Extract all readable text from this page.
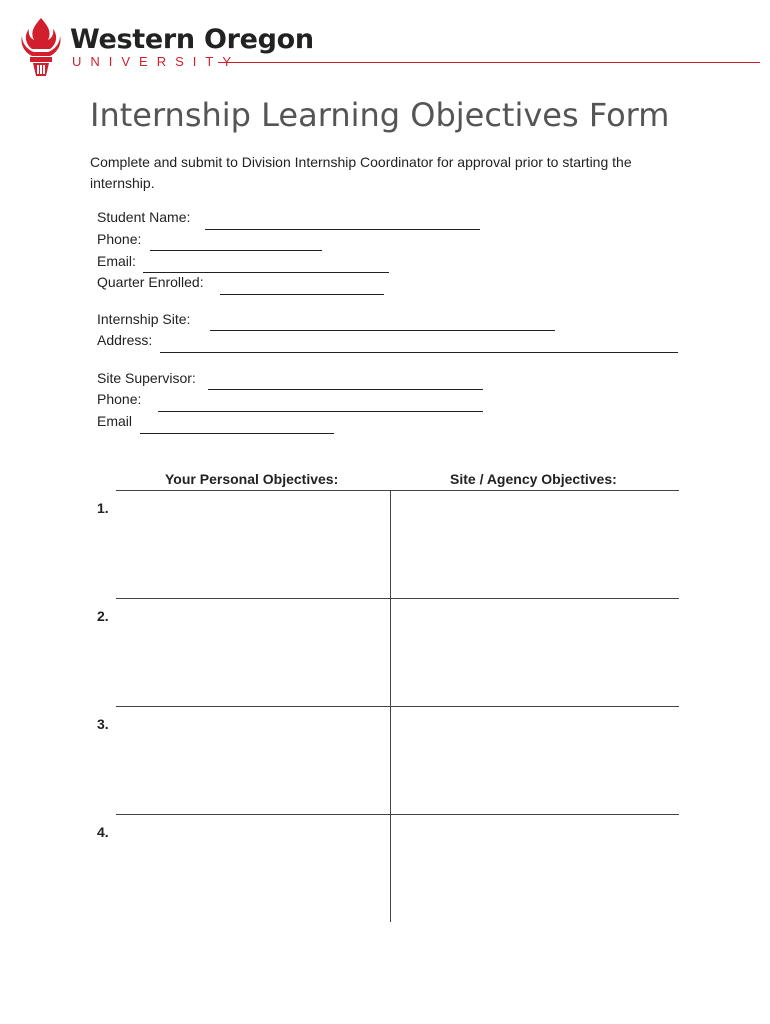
Western Oregon
UNIVERSITY
Internship Learning Objectives Form
Complete and submit to Division Internship Coordinator for approval prior to starting the internship.
Student Name:
Phone:
Email:
Quarter Enrolled:
Internship Site:
Address:
Site Supervisor:
Phone:
Email
Your Personal Objectives:	Site / Agency Objectives:
1.
2.
3.
4.
